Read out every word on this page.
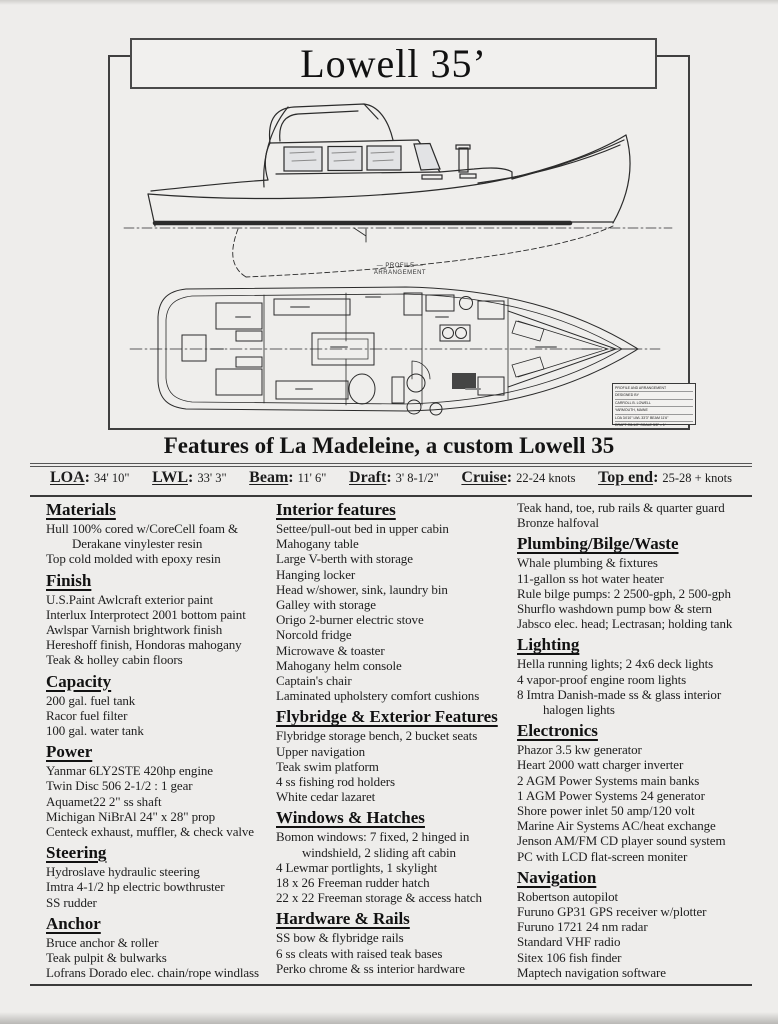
Lowell 35’
— PROFILE —
ARRANGEMENT
PROFILE AND ARRANGEMENT
DESIGNED BY
CARROLL B. LOWELL
YARMOUTH, MAINE
LOA 34'10" LWL 33'3" BEAM 11'6"
DRAFT 3'8-1/2" SCALE 3/8" = 1'
Features of La Madeleine, a custom Lowell 35
LOA: 34' 10" LWL: 33' 3" Beam: 11' 6" Draft: 3' 8-1/2" Cruise: 22-24 knots Top end: 25-28 + knots
Materials
Hull 100% cored w/CoreCell foam & Derakane vinylester resin
Top cold molded with epoxy resin
Finish
U.S.Paint Awlcraft exterior paint
Interlux Interprotect 2001 bottom paint
Awlspar Varnish brightwork finish
Hereshoff finish, Hondoras mahogany
Teak & holley cabin floors
Capacity
200 gal. fuel tank
Racor fuel filter
100 gal. water tank
Power
Yanmar 6LY2STE 420hp engine
Twin Disc 506 2-1/2 : 1 gear
Aquamet22 2" ss shaft
Michigan NiBrAl 24" x 28" prop
Centeck exhaust, muffler, & check valve
Steering
Hydroslave hydraulic steering
Imtra 4-1/2 hp electric bowthruster
SS rudder
Anchor
Bruce anchor & roller
Teak pulpit & bulwarks
Lofrans Dorado elec. chain/rope windlass
Interior features
Settee/pull-out bed in upper cabin
Mahogany table
Large V-berth with storage
Hanging locker
Head w/shower, sink, laundry bin
Galley with storage
Origo 2-burner electric stove
Norcold fridge
Microwave & toaster
Mahogany helm console
Captain's chair
Laminated upholstery comfort cushions
Flybridge & Exterior Features
Flybridge storage bench, 2 bucket seats
Upper navigation
Teak swim platform
4 ss fishing rod holders
White cedar lazaret
Windows & Hatches
Bomon windows: 7 fixed, 2 hinged in windshield, 2 sliding aft cabin
4 Lewmar portlights, 1 skylight
18 x 26 Freeman rudder hatch
22 x 22 Freeman storage & access hatch
Hardware & Rails
SS bow & flybridge rails
6 ss cleats with raised teak bases
Perko chrome & ss interior hardware
Teak hand, toe, rub rails & quarter guard
Bronze halfoval
Plumbing/Bilge/Waste
Whale plumbing & fixtures
11-gallon ss hot water heater
Rule bilge pumps: 2 2500-gph, 2 500-gph
Shurflo washdown pump bow & stern
Jabsco elec. head; Lectrasan; holding tank
Lighting
Hella running lights; 2 4x6 deck lights
4 vapor-proof engine room lights
8 Imtra Danish-made ss & glass interior halogen lights
Electronics
Phazor 3.5 kw generator
Heart 2000 watt charger inverter
2 AGM Power Systems main banks
1 AGM Power Systems 24 generator
Shore power inlet 50 amp/120 volt
Marine Air Systems AC/heat exchange
Jenson AM/FM CD player sound system
PC with LCD flat-screen moniter
Navigation
Robertson autopilot
Furuno GP31 GPS receiver w/plotter
Furuno 1721 24 nm radar
Standard VHF radio
Sitex 106 fish finder
Maptech navigation software
